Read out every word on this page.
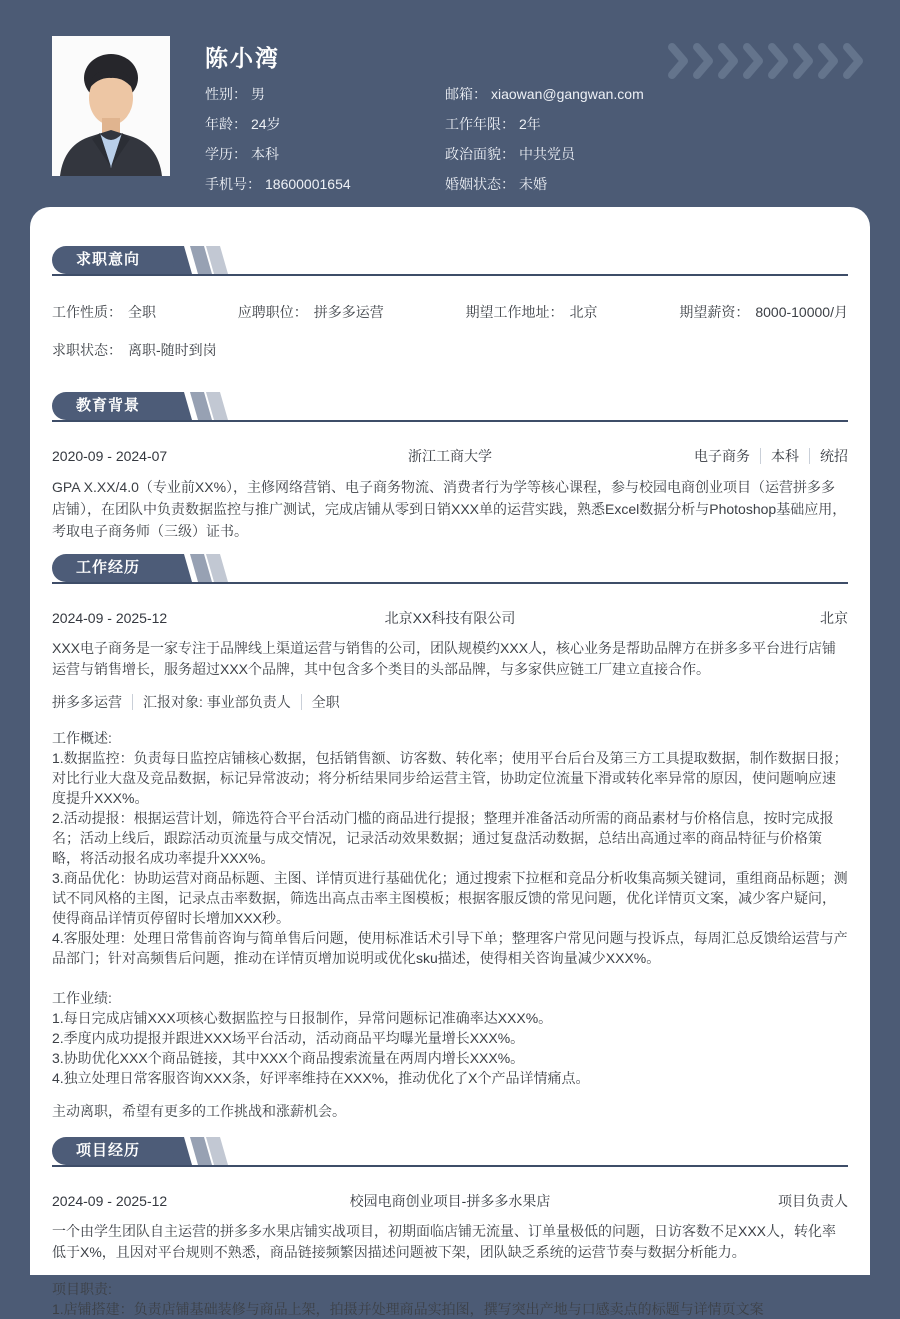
陈小湾
性别： 男	邮箱： xiaowan@gangwan.com
年龄： 24岁	工作年限： 2年
学历： 本科	政治面貌： 中共党员
手机号： 18600001654	婚姻状态： 未婚
求职意向
工作性质： 全职	应聘职位： 拼多多运营	期望工作地址： 北京	期望薪资： 8000-10000/月
求职状态： 离职-随时到岗
教育背景
2020-09 - 2024-07	浙江工商大学	电子商务 本科 统招

GPA X.XX/4.0（专业前XX%），主修网络营销、电子商务物流、消费者行为学等核心课程，参与校园电商创业项目（运营拼多多店铺），在团队中负责数据监控与推广测试，完成店铺从零到日销XXX单的运营实践，熟悉Excel数据分析与Photoshop基础应用，考取电子商务师（三级）证书。

工作经历
2024-09 - 2025-12	北京XX科技有限公司	北京

XXX电子商务是一家专注于品牌线上渠道运营与销售的公司，团队规模约XXX人，核心业务是帮助品牌方在拼多多平台进行店铺运营与销售增长，服务超过XXX个品牌，其中包含多个类目的头部品牌，与多家供应链工厂建立直接合作。

拼多多运营 汇报对象: 事业部负责人 全职
工作概述:
1.数据监控：负责每日监控店铺核心数据，包括销售额、访客数、转化率；使用平台后台及第三方工具提取数据，制作数据日报；对比行业大盘及竞品数据，标记异常波动；将分析结果同步给运营主管，协助定位流量下滑或转化率异常的原因，使问题响应速度提升XXX%。
2.活动提报：根据运营计划，筛选符合平台活动门槛的商品进行提报；整理并准备活动所需的商品素材与价格信息，按时完成报名；活动上线后，跟踪活动页流量与成交情况，记录活动效果数据；通过复盘活动数据，总结出高通过率的商品特征与价格策略，将活动报名成功率提升XXX%。
3.商品优化：协助运营对商品标题、主图、详情页进行基础优化；通过搜索下拉框和竞品分析收集高频关键词，重组商品标题；测试不同风格的主图，记录点击率数据，筛选出高点击率主图模板；根据客服反馈的常见问题，优化详情页文案，减少客户疑问，使得商品详情页停留时长增加XXX秒。
4.客服处理：处理日常售前咨询与简单售后问题，使用标准话术引导下单；整理客户常见问题与投诉点，每周汇总反馈给运营与产品部门；针对高频售后问题，推动在详情页增加说明或优化sku描述，使得相关咨询量减少XXX%。
工作业绩:
1.每日完成店铺XXX项核心数据监控与日报制作，异常问题标记准确率达XXX%。
2.季度内成功提报并跟进XXX场平台活动，活动商品平均曝光量增长XXX%。
3.协助优化XXX个商品链接，其中XXX个商品搜索流量在两周内增长XXX%。
4.独立处理日常客服咨询XXX条，好评率维持在XXX%，推动优化了X个产品详情痛点。
主动离职，希望有更多的工作挑战和涨薪机会。
项目经历
2024-09 - 2025-12	校园电商创业项目-拼多多水果店	项目负责人

一个由学生团队自主运营的拼多多水果店铺实战项目，初期面临店铺无流量、订单量极低的问题，日访客数不足XXX人，转化率低于X%，且因对平台规则不熟悉，商品链接频繁因描述问题被下架，团队缺乏系统的运营节奏与数据分析能力。

项目职责:
1.店铺搭建：负责店铺基础装修与商品上架，拍摄并处理商品实拍图，撰写突出产地与口感卖点的标题与详情页文案
